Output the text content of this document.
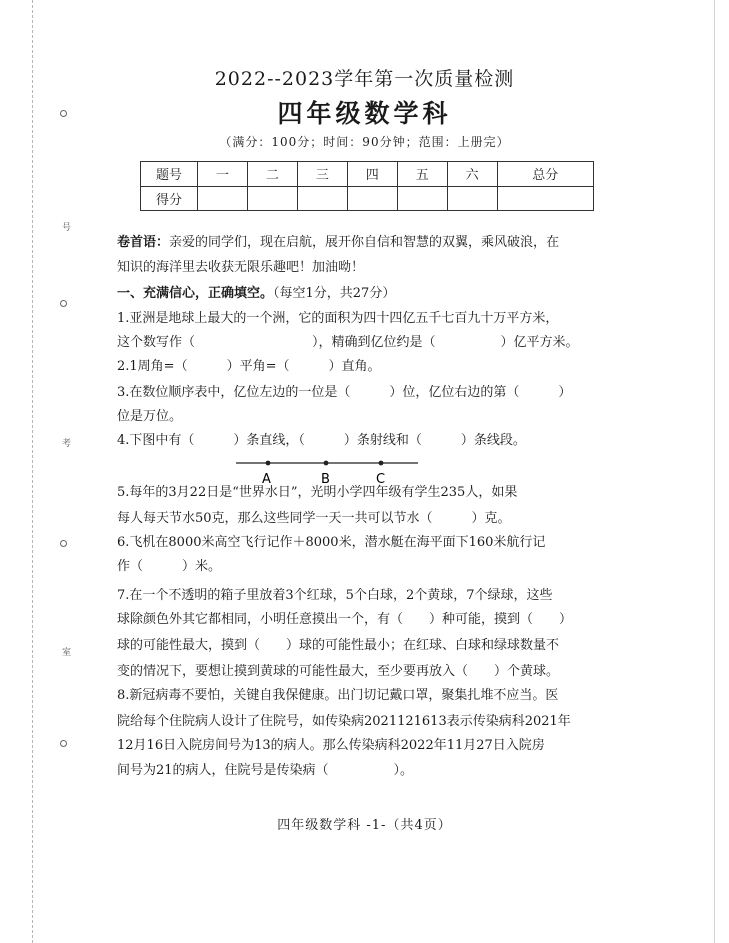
号
考
室
2022--2023学年第一次质量检测
四年级数学科
（满分：100分；时间：90分钟；范围：上册完）
题号	一	二	三	四	五	六	总分
得分							
卷首语：亲爱的同学们，现在启航，展开你自信和智慧的双翼，乘风破浪，在
知识的海洋里去收获无限乐趣吧！加油呦！
一、充满信心，正确填空。（每空1分，共27分）
1.亚洲是地球上最大的一个洲，它的面积为四十四亿五千七百九十万平方米，
这个数写作（　　　　　　　　　），精确到亿位约是（　　　　　）亿平方米。
2.1周角=（　　　）平角=（　　　）直角。
3.在数位顺序表中，亿位左边的一位是（　　　）位，亿位右边的第（　　　）
位是万位。
4.下图中有（　　　）条直线，（　　　）条射线和（　　　）条线段。
A	B	C
5.每年的3月22日是“世界水日”，光明小学四年级有学生235人，如果
每人每天节水50克，那么这些同学一天一共可以节水（　　　）克。
6.飞机在8000米高空飞行记作＋8000米，潜水艇在海平面下160米航行记
作（　　　）米。
7.在一个不透明的箱子里放着3个红球，5个白球，2个黄球，7个绿球，这些
球除颜色外其它都相同，小明任意摸出一个，有（　　）种可能，摸到（　　）
球的可能性最大，摸到（　　）球的可能性最小；在红球、白球和绿球数量不
变的情况下，要想让摸到黄球的可能性最大，至少要再放入（　　）个黄球。
8.新冠病毒不要怕，关键自我保健康。出门切记戴口罩，聚集扎堆不应当。医
院给每个住院病人设计了住院号，如传染病2021121613表示传染病科2021年
12月16日入院房间号为13的病人。那么传染病科2022年11月27日入院房
间号为21的病人，住院号是传染病（　　　　　）。
四年级数学科 -1-（共4页）
